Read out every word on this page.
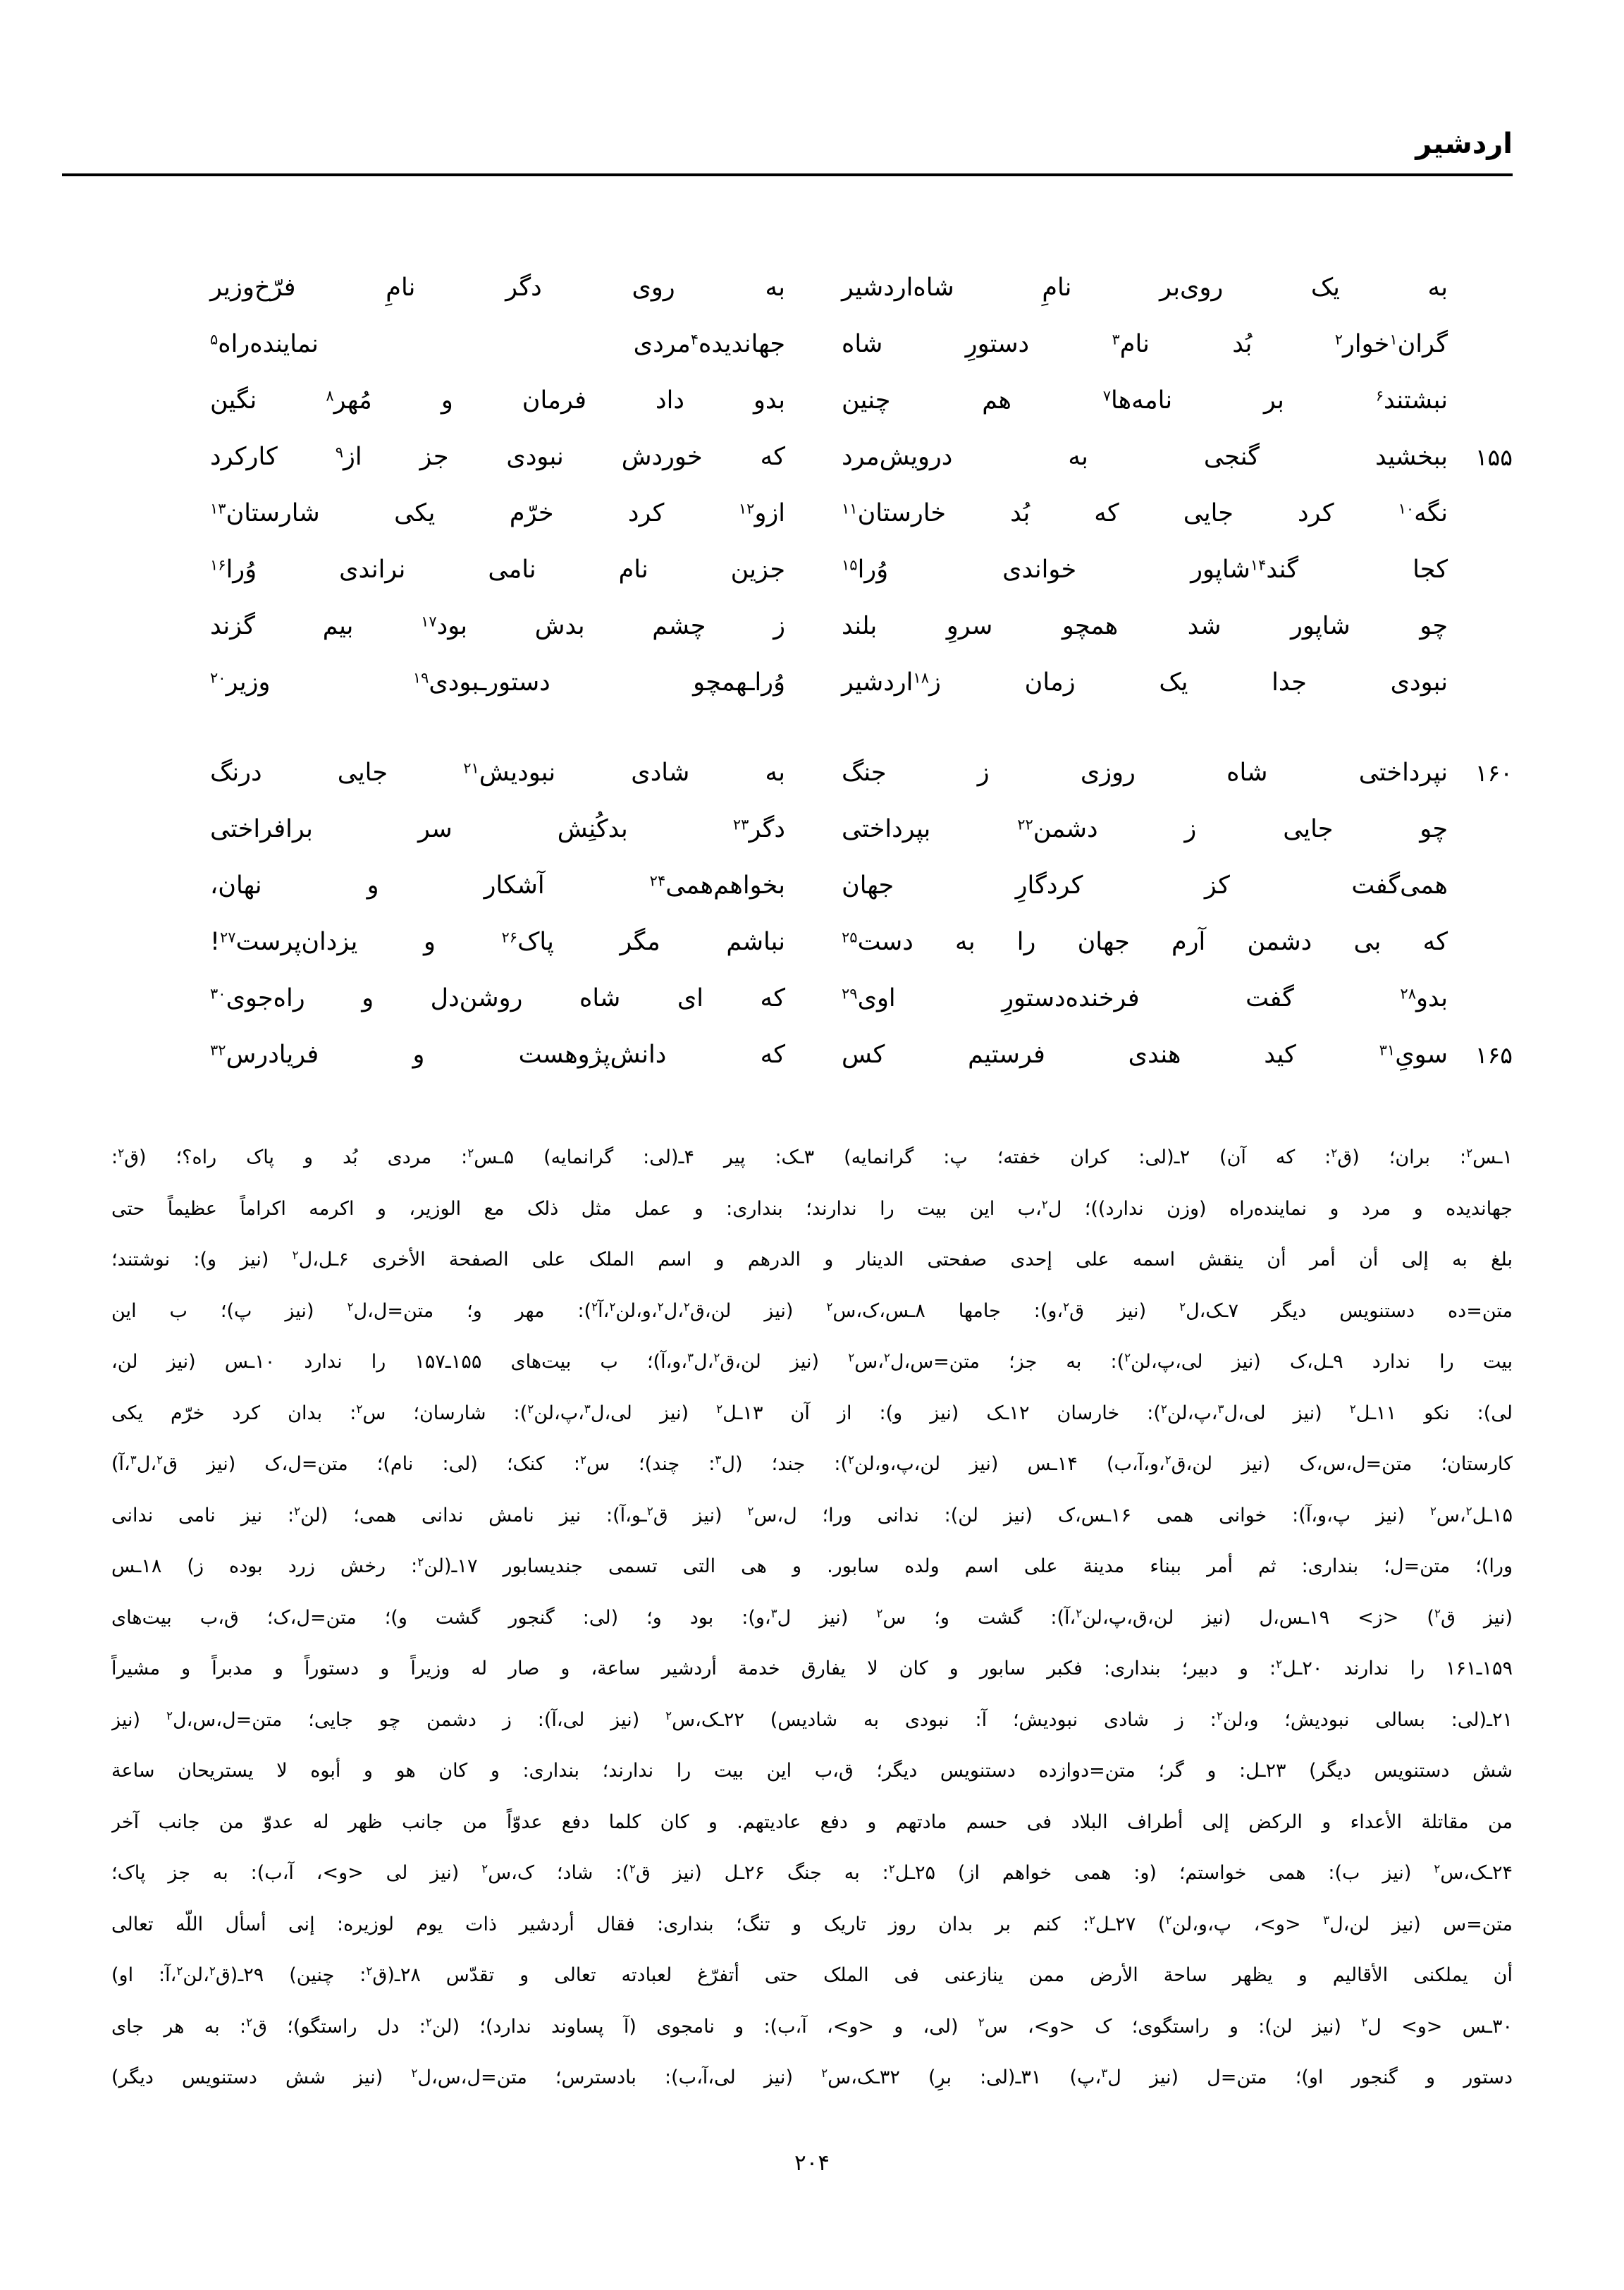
اردشیر
به یک روی‌بر نامِ شاه‌اردشیر
به روی دگر نامِ فرّخ‌وزیر
گران$^۱$خوار$^۲$ بُد نام$^۳$ دستورِ شاه
جهاندیده$^۴$مردی نماینده‌راه$^۵$
نبشتند$^۶$ بر نامه‌ها$^۷$ هم چنین
بدو داد فرمان و مُهر$^۸$ نگین
۱۵۵
ببخشید گنجی به درویش‌مرد
که خوردش نبودی جز از$^۹$ کارکرد
نگه$^{۱۰}$ کرد جایی که بُد خارستان$^{۱۱}$
ازو$^{۱۲}$ کرد خرّم یکی شارستان$^{۱۳}$
کجا گند$^{۱۴}$شاپور خواندی وُرا$^{۱۵}$
جزین نام نامی نراندی وُرا$^{۱۶}$
چو شاپور شد همچو سروِ بلند
ز چشم بدش بود$^{۱۷}$ بیم گزند
نبودی جدا یک زمان ز$^{۱۸}$اردشیر
وُراـهمچو دستورـبودی$^{۱۹}$ وزیر$^{۲۰}$
۱۶۰
نپرداختی شاه روزی ز جنگ
به شادی نبودیش$^{۲۱}$ جایی درنگ
چو جایی ز دشمن$^{۲۲}$ بپرداختی
دگر$^{۲۳}$ بدکُنِش سر برافراختی
همی‌گفت کز کردگارِ جهان
بخواهم‌همی$^{۲۴}$ آشکار و نهان،
که بی دشمن آرم جهان را به دست$^{۲۵}$
نباشم مگر پاک$^{۲۶}$ و یزدان‌پرست$^{۲۷}$!
بدو$^{۲۸}$ گفت فرخنده‌دستورِ اوی$^{۲۹}$
که ای شاه روشن‌دل و راه‌جوی$^{۳۰}$
۱۶۵
سویِ$^{۳۱}$ کید هندی فرستیم کس
که دانش‌پژوهست و فریادرس$^{۳۲}$
۱ـس$^۲$: بران؛ (ق$^۲$: که آن) ۲ـ(لی: کران خفته؛ پ: گرانمایه) ۳ـک: پیر ۴ـ(لی: گرانمایه) ۵ـس$^۲$: مردی بُد و پاک راه؟؛ (ق$^۲$:
جهاندیده و مرد و نماینده‌راه (وزن ندارد))؛ ل$^۲$،ب این بیت را ندارند؛ بنداری: و عمل مثل ذلک مع الوزیر، و اکرمه اکراماً عظیماً حتی
بلغ به إلی أن أمر أن ینقش اسمه علی إحدی صفحتی الدینار و الدرهم و اسم الملک علی الصفحة الأخری ۶ـل،ل$^۲$ (نیز و): نوشتند؛
متن=ده دستنویس دیگر ۷ـک،ل$^۲$ (نیز ق$^۲$،و): جامها ۸ـس،ک،س$^۲$ (نیز لن،ق$^۲$،ل$^۲$،و،لن$^۲$،آ$^۲$): مهر و؛ متن=ل،ل$^۲$ (نیز پ)؛ ب این
بیت را ندارد ۹ـل،ک (نیز لی،پ،لن$^۲$): به جز؛ متن=س،ل$^۲$،س$^۲$ (نیز لن،ق$^۲$،ل$^۳$،و،آ)؛ ب بیت‌های ۱۵۵ـ۱۵۷ را ندارد ۱۰ـس (نیز لن،
لی): نکو ۱۱ـل$^۲$ (نیز لی،ل$^۳$،پ،لن$^۲$): خارسان ۱۲ـک (نیز و): از آن ۱۳ـل$^۲$ (نیز لی،ل$^۳$،پ،لن$^۲$): شارسان؛ س$^۲$: بدان کرد خرّم یکی
کارستان؛ متن=ل،س،ک (نیز لن،ق$^۲$،و،آ،ب) ۱۴ـس (نیز لن،پ،و،لن$^۲$): جند؛ (ل$^۳$: چند)؛ س$^۲$: کنک؛ (لی: نام)؛ متن=ل،ک (نیز ق$^۲$،ل$^۳$،آ)
۱۵ـل$^۲$،س$^۲$ (نیز پ،و،آ): خوانی همی ۱۶ـس،ک (نیز لن): ندانی ورا؛ ل،س$^۲$ (نیز ق$^۲$ـو،آ): نیز نامش ندانی همی؛ (لن$^۲$: نیز نامی ندانی
ورا)؛ متن=ل؛ بنداری: ثم أمر ببناء مدینة علی اسم ولده سابور. و هی التی تسمی جندیسابور ۱۷ـ(لن$^۲$: رخش زرد بوده ز) ۱۸ـس
(نیز ق$^۲$) <ز> ۱۹ـس،ل (نیز لن،ق،پ،لن$^۲$،آ): گشت و؛ س$^۲$ (نیز ل$^۳$،و): بود و؛ (لی: گنجور گشت و)؛ متن=ل،ک؛ ق،ب بیت‌های
۱۵۹ـ۱۶۱ را ندارند ۲۰ـل$^۲$: و دبیر؛ بنداری: فکبر سابور و کان لا یفارق خدمة أردشیر ساعة، و صار له وزیراً و دستوراً و مدبراً و مشیراً
۲۱ـ(لی: بسالی نبودیش؛ و،لن$^۲$: ز شادی نبودیش؛ آ: نبودی به شادیس) ۲۲ـک،س$^۲$ (نیز لی،آ): ز دشمن چو جایی؛ متن=ل،س،ل$^۲$ (نیز
شش دستنویس دیگر) ۲۳ـل: و گر؛ متن=دوازده دستنویس دیگر؛ ق،ب این بیت را ندارند؛ بنداری: و کان هو و أبوه لا یستریحان ساعة
من مقاتلة الأعداء و الرکض إلی أطراف البلاد فی حسم مادتهم و دفع عادیتهم. و کان کلما دفع عدوّاً من جانب ظهر له عدوّ من جانب آخر
۲۴ـک،س$^۲$ (نیز ب): همی خواستم؛ (و: همی خواهم از) ۲۵ـل$^۲$: به جنگ ۲۶ـل (نیز ق$^۲$): شاد؛ ک،س$^۲$ (نیز لی <و>، آ،ب): به جز پاک؛
متن=س (نیز لن،ل$^۳$ <و>، پ،و،لن$^۲$) ۲۷ـل$^۲$: کنم بر بدان روز تاریک و تنگ؛ بنداری: فقال أردشیر ذات یوم لوزیره: إنی أسأل اللّه تعالی
أن یملکنی الأقالیم و یظهر ساحة الأرض ممن ینازعنی فی الملک حتی أتفرّغ لعبادته تعالی و تقدّس ۲۸ـ(ق$^۲$: چنین) ۲۹ـ(ق$^۲$،لن$^۲$،آ: او)
۳۰ـس <و> ل$^۲$ (نیز لن): و راستگوی؛ ک <و>، س$^۲$ (لی، و <و>، آ،ب): و نامجوی (آ پساوند ندارد)؛ (لن$^۲$: دل راستگو)؛ ق$^۲$: به هر جای
دستور و گنجور او)؛ متن=ل (نیز ل$^۳$،پ) ۳۱ـ(لی: برِ) ۳۲ـک،س$^۲$ (نیز لی،آ،ب): بادسترس؛ متن=ل،س،ل$^۲$ (نیز شش دستنویس دیگر)
۲۰۴
